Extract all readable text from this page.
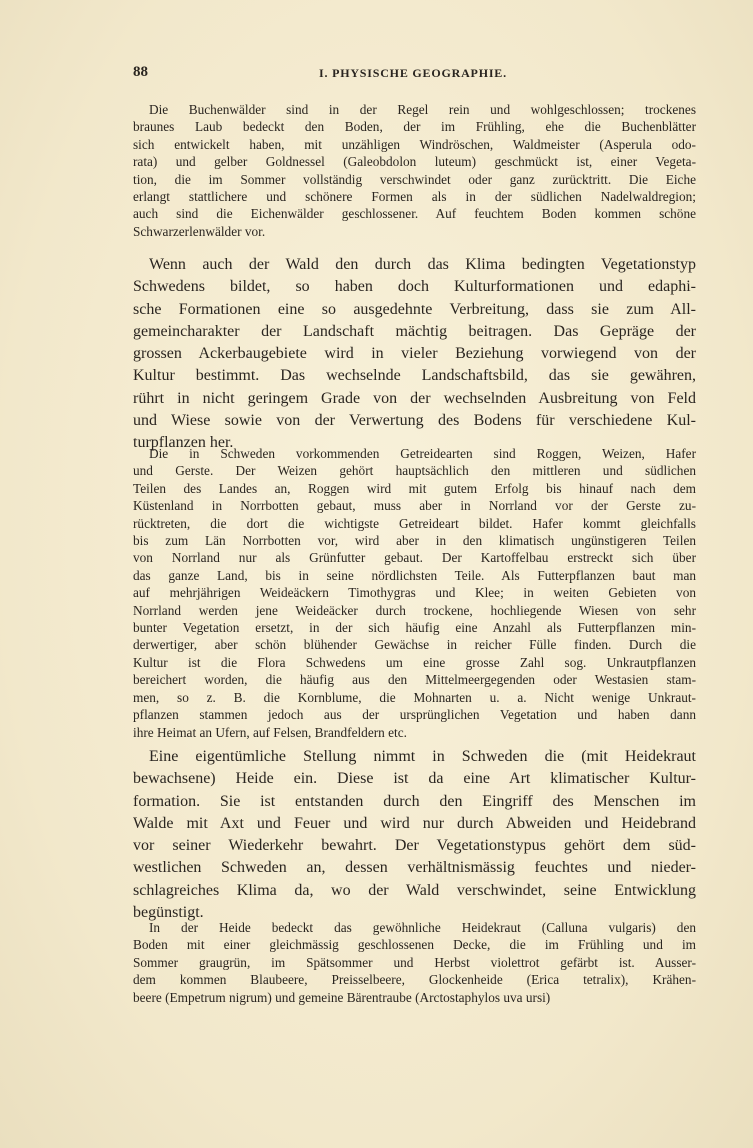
88	I. PHYSISCHE GEOGRAPHIE.
Die Buchenwälder sind in der Regel rein und wohlgeschlossen; trockenes
braunes Laub bedeckt den Boden, der im Frühling, ehe die Buchenblätter
sich entwickelt haben, mit unzähligen Windröschen, Waldmeister (Asperula odo-
rata) und gelber Goldnessel (Galeobdolon luteum) geschmückt ist, einer Vegeta-
tion, die im Sommer vollständig verschwindet oder ganz zurücktritt. Die Eiche
erlangt stattlichere und schönere Formen als in der südlichen Nadelwaldregion;
auch sind die Eichenwälder geschlossener. Auf feuchtem Boden kommen schöne
Schwarzerlenwälder vor.
Wenn auch der Wald den durch das Klima bedingten Vegetationstyp
Schwedens bildet, so haben doch Kulturformationen und edaphi-
sche Formationen eine so ausgedehnte Verbreitung, dass sie zum All-
gemeincharakter der Landschaft mächtig beitragen. Das Gepräge der
grossen Ackerbaugebiete wird in vieler Beziehung vorwiegend von der
Kultur bestimmt. Das wechselnde Landschaftsbild, das sie gewähren,
rührt in nicht geringem Grade von der wechselnden Ausbreitung von Feld
und Wiese sowie von der Verwertung des Bodens für verschiedene Kul-
turpflanzen her.
Die in Schweden vorkommenden Getreidearten sind Roggen, Weizen, Hafer
und Gerste. Der Weizen gehört hauptsächlich den mittleren und südlichen
Teilen des Landes an, Roggen wird mit gutem Erfolg bis hinauf nach dem
Küstenland in Norrbotten gebaut, muss aber in Norrland vor der Gerste zu-
rücktreten, die dort die wichtigste Getreideart bildet. Hafer kommt gleichfalls
bis zum Län Norrbotten vor, wird aber in den klimatisch ungünstigeren Teilen
von Norrland nur als Grünfutter gebaut. Der Kartoffelbau erstreckt sich über
das ganze Land, bis in seine nördlichsten Teile. Als Futterpflanzen baut man
auf mehrjährigen Weideäckern Timothygras und Klee; in weiten Gebieten von
Norrland werden jene Weideäcker durch trockene, hochliegende Wiesen von sehr
bunter Vegetation ersetzt, in der sich häufig eine Anzahl als Futterpflanzen min-
derwertiger, aber schön blühender Gewächse in reicher Fülle finden. Durch die
Kultur ist die Flora Schwedens um eine grosse Zahl sog. Unkrautpflanzen
bereichert worden, die häufig aus den Mittelmeergegenden oder Westasien stam-
men, so z. B. die Kornblume, die Mohnarten u. a. Nicht wenige Unkraut-
pflanzen stammen jedoch aus der ursprünglichen Vegetation und haben dann
ihre Heimat an Ufern, auf Felsen, Brandfeldern etc.
Eine eigentümliche Stellung nimmt in Schweden die (mit Heidekraut
bewachsene) Heide ein. Diese ist da eine Art klimatischer Kultur-
formation. Sie ist entstanden durch den Eingriff des Menschen im
Walde mit Axt und Feuer und wird nur durch Abweiden und Heidebrand
vor seiner Wiederkehr bewahrt. Der Vegetationstypus gehört dem süd-
westlichen Schweden an, dessen verhältnismässig feuchtes und nieder-
schlagreiches Klima da, wo der Wald verschwindet, seine Entwicklung
begünstigt.
In der Heide bedeckt das gewöhnliche Heidekraut (Calluna vulgaris) den
Boden mit einer gleichmässig geschlossenen Decke, die im Frühling und im
Sommer graugrün, im Spätsommer und Herbst violettrot gefärbt ist. Ausser-
dem kommen Blaubeere, Preisselbeere, Glockenheide (Erica tetralix), Krähen-
beere (Empetrum nigrum) und gemeine Bärentraube (Arctostaphylos uva ursi)
